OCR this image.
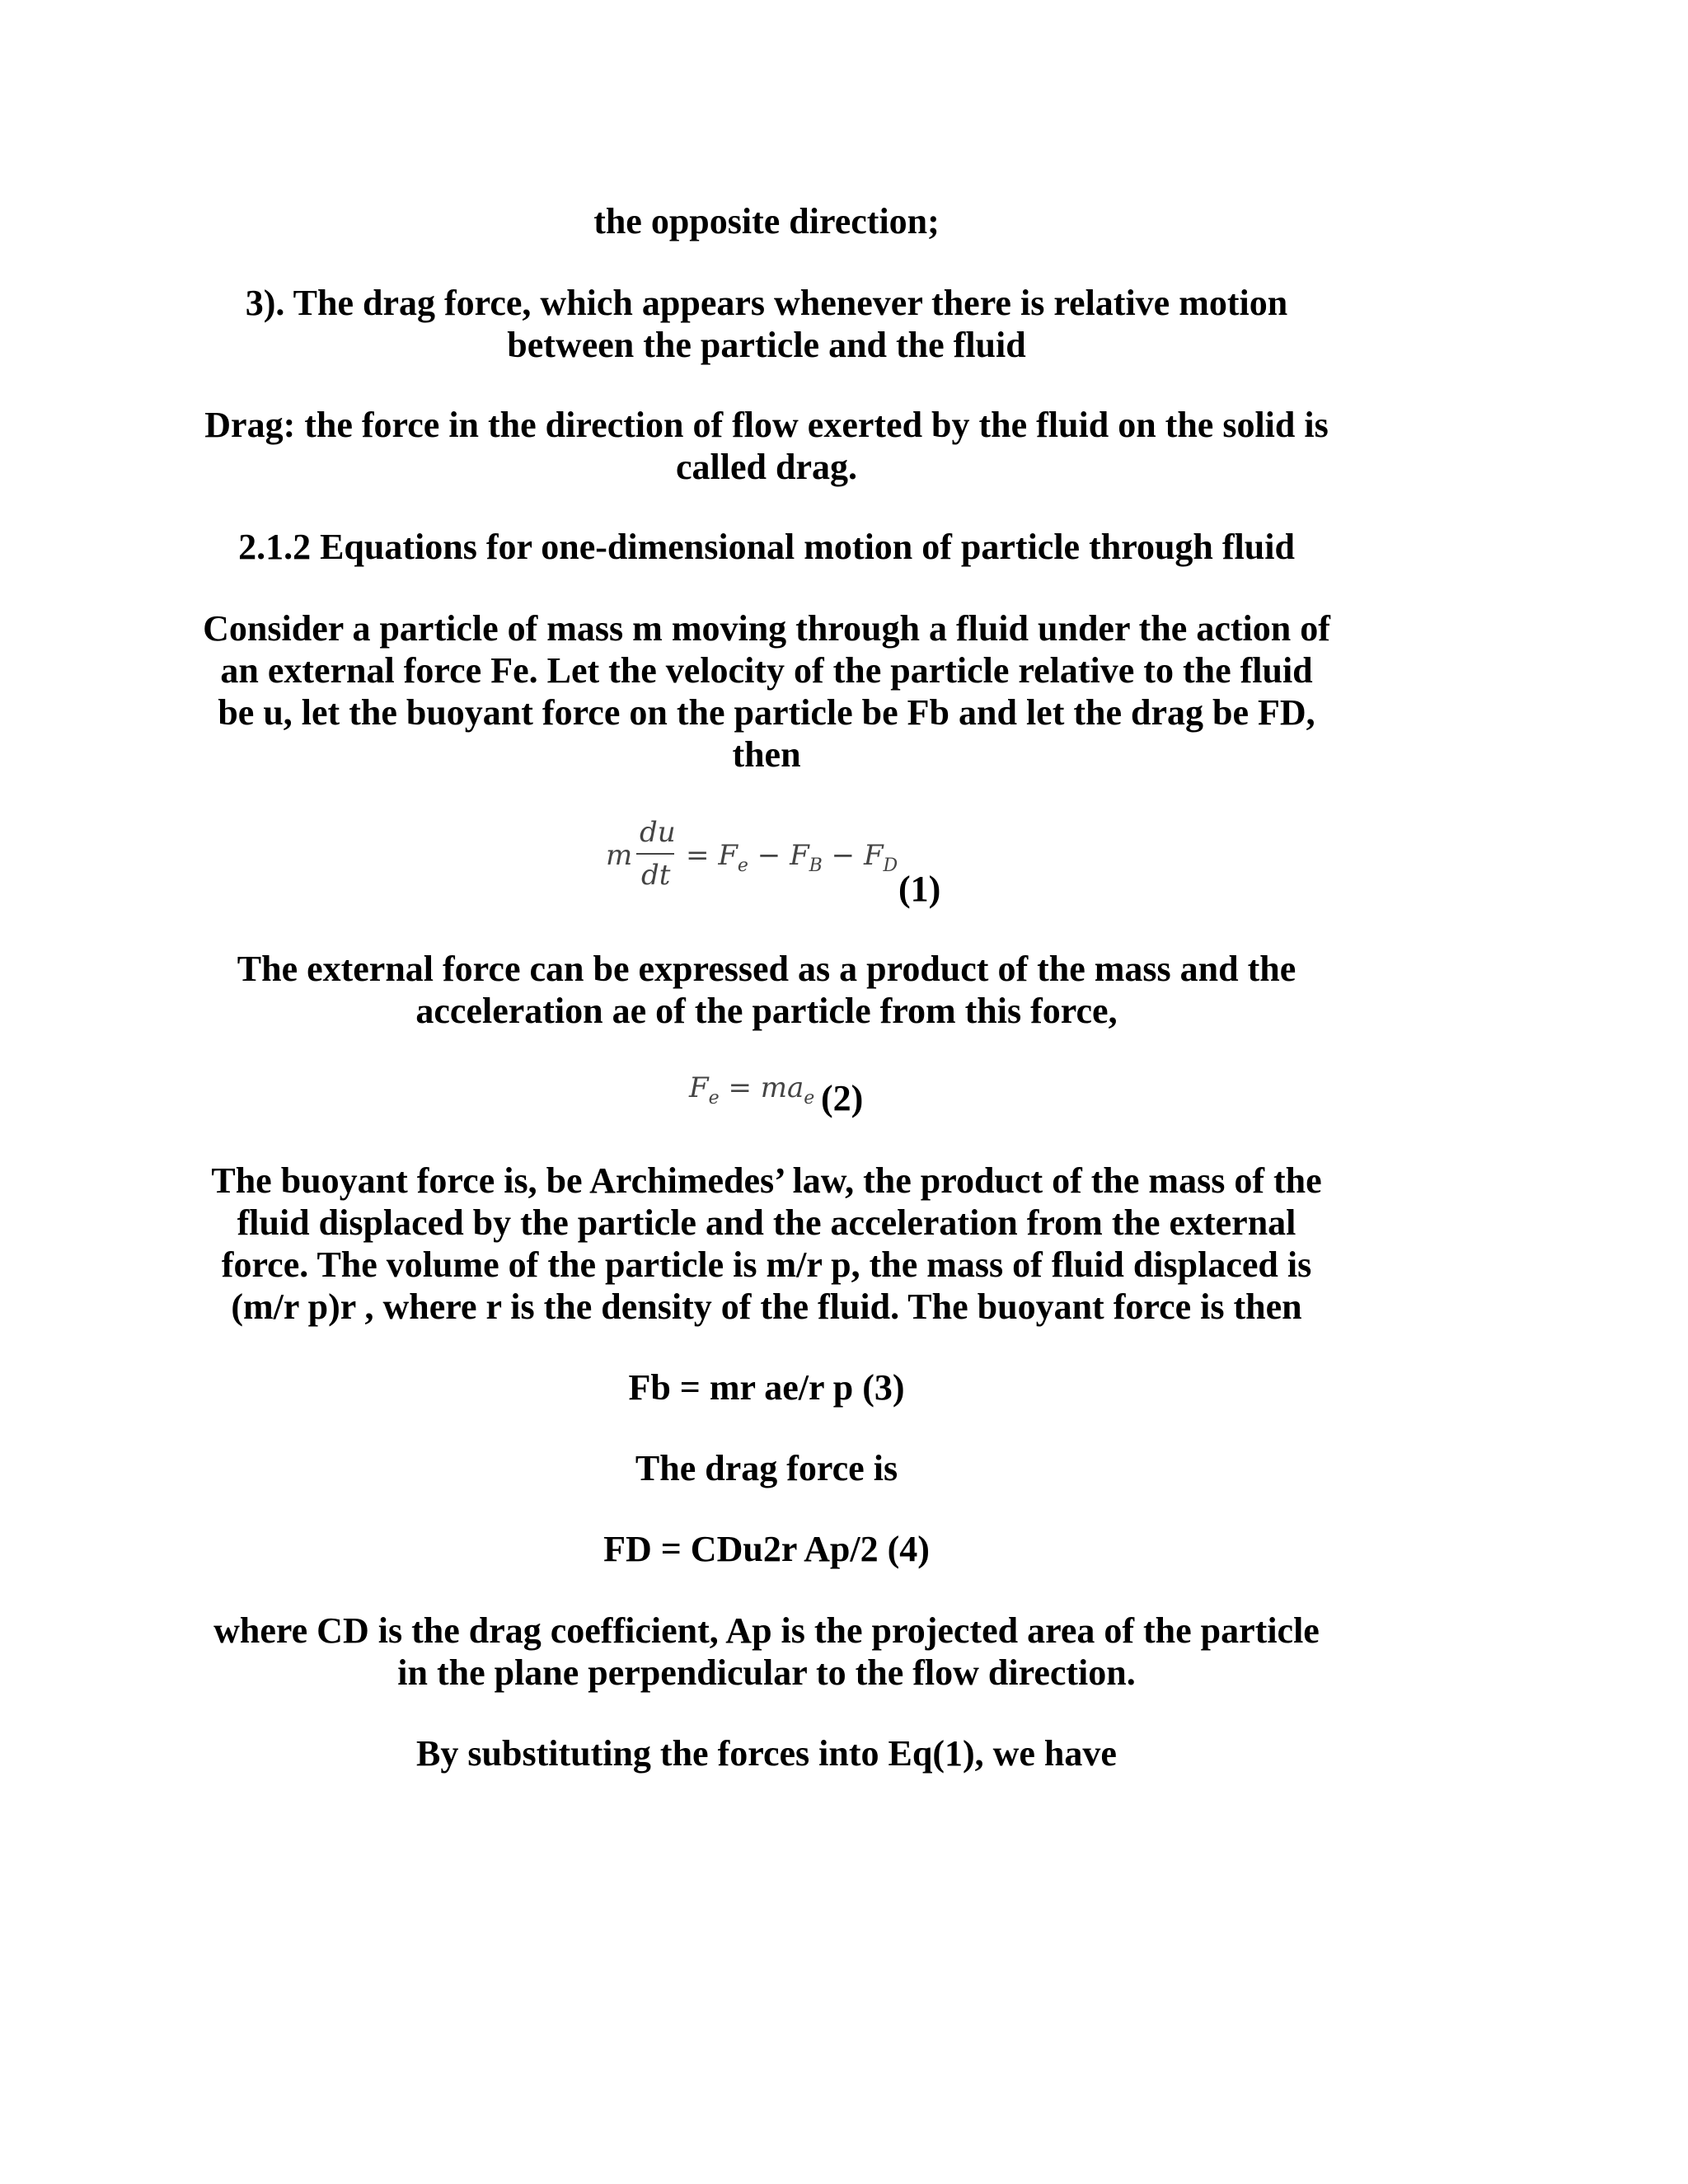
the opposite direction;
3). The drag force, which appears whenever there is relative motion
between the particle and the fluid
Drag: the force in the direction of flow exerted by the fluid on the solid is
called drag.
2.1.2 Equations for one-dimensional motion of particle through fluid
Consider a particle of mass m moving through a fluid under the action of
an external force Fe. Let the velocity of the particle relative to the fluid
be u, let the buoyant force on the particle be Fb and let the drag be FD,
then
m
du
dt
= $F_e - F_B - F_D$
(1)
The external force can be expressed as a product of the mass and the
acceleration ae of the particle from this force,
$F_e = ma_e$ (2)
The buoyant force is, be Archimedes’ law, the product of the mass of the
fluid displaced by the particle and the acceleration from the external
force. The volume of the particle is m/r p, the mass of fluid displaced is
(m/r p)r , where r is the density of the fluid. The buoyant force is then
Fb = mr ae/r p (3)
The drag force is
FD = CDu2r Ap/2 (4)
where CD is the drag coefficient, Ap is the projected area of the particle
in the plane perpendicular to the flow direction.
By substituting the forces into Eq(1), we have
